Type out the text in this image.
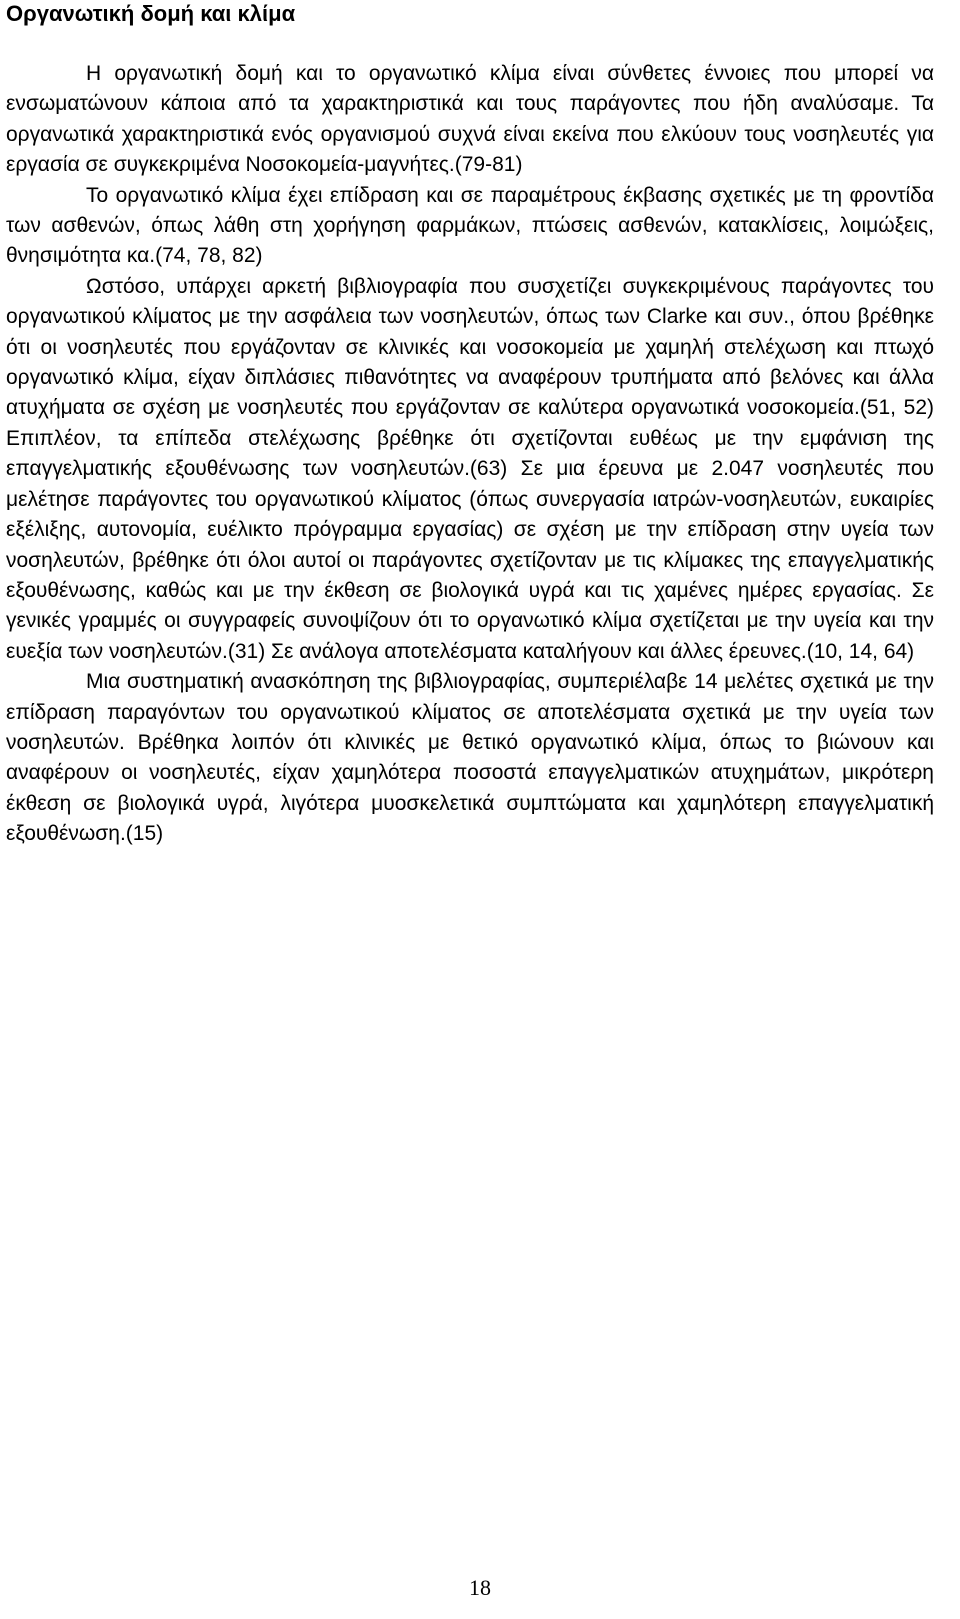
Οργανωτική δομή και κλίμα

Η οργανωτική δομή και το οργανωτικό κλίμα είναι σύνθετες έννοιες που μπορεί να ενσωματώνουν κάποια από τα χαρακτηριστικά και τους παράγοντες που ήδη αναλύσαμε. Τα οργανωτικά χαρακτηριστικά ενός οργανισμού συχνά είναι εκείνα που ελκύουν τους νοσηλευτές για εργασία σε συγκεκριμένα Νοσοκομεία-μαγνήτες.(79-81)

Το οργανωτικό κλίμα έχει επίδραση και σε παραμέτρους έκβασης σχετικές με τη φροντίδα των ασθενών, όπως λάθη στη χορήγηση φαρμάκων, πτώσεις ασθενών, κατακλίσεις, λοιμώξεις, θνησιμότητα κα.(74, 78, 82)

Ωστόσο, υπάρχει αρκετή βιβλιογραφία που συσχετίζει συγκεκριμένους παράγοντες του οργανωτικού κλίματος με την ασφάλεια των νοσηλευτών, όπως των Clarke και συν., όπου βρέθηκε ότι οι νοσηλευτές που εργάζονταν σε κλινικές και νοσοκομεία με χαμηλή στελέχωση και πτωχό οργανωτικό κλίμα, είχαν διπλάσιες πιθανότητες να αναφέρουν τρυπήματα από βελόνες και άλλα ατυχήματα σε σχέση με νοσηλευτές που εργάζονταν σε καλύτερα οργανωτικά νοσοκομεία.(51, 52) Επιπλέον, τα επίπεδα στελέχωσης βρέθηκε ότι σχετίζονται ευθέως με την εμφάνιση της επαγγελματικής εξουθένωσης των νοσηλευτών.(63) Σε μια έρευνα με 2.047 νοσηλευτές που μελέτησε παράγοντες του οργανωτικού κλίματος (όπως συνεργασία ιατρών-νοσηλευτών, ευκαιρίες εξέλιξης, αυτονομία, ευέλικτο πρόγραμμα εργασίας) σε σχέση με την επίδραση στην υγεία των νοσηλευτών, βρέθηκε ότι όλοι αυτοί οι παράγοντες σχετίζονταν με τις κλίμακες της επαγγελματικής εξουθένωσης, καθώς και με την έκθεση σε βιολογικά υγρά και τις χαμένες ημέρες εργασίας. Σε γενικές γραμμές οι συγγραφείς συνοψίζουν ότι το οργανωτικό κλίμα σχετίζεται με την υγεία και την ευεξία των νοσηλευτών.(31) Σε ανάλογα αποτελέσματα καταλήγουν και άλλες έρευνες.(10, 14, 64)

Μια συστηματική ανασκόπηση της βιβλιογραφίας, συμπεριέλαβε 14 μελέτες σχετικά με την επίδραση παραγόντων του οργανωτικού κλίματος σε αποτελέσματα σχετικά με την υγεία των νοσηλευτών. Βρέθηκα λοιπόν ότι κλινικές με θετικό οργανωτικό κλίμα, όπως το βιώνουν και αναφέρουν οι νοσηλευτές, είχαν χαμηλότερα ποσοστά επαγγελματικών ατυχημάτων, μικρότερη έκθεση σε βιολογικά υγρά, λιγότερα μυοσκελετικά συμπτώματα και χαμηλότερη επαγγελματική εξουθένωση.(15)

18
